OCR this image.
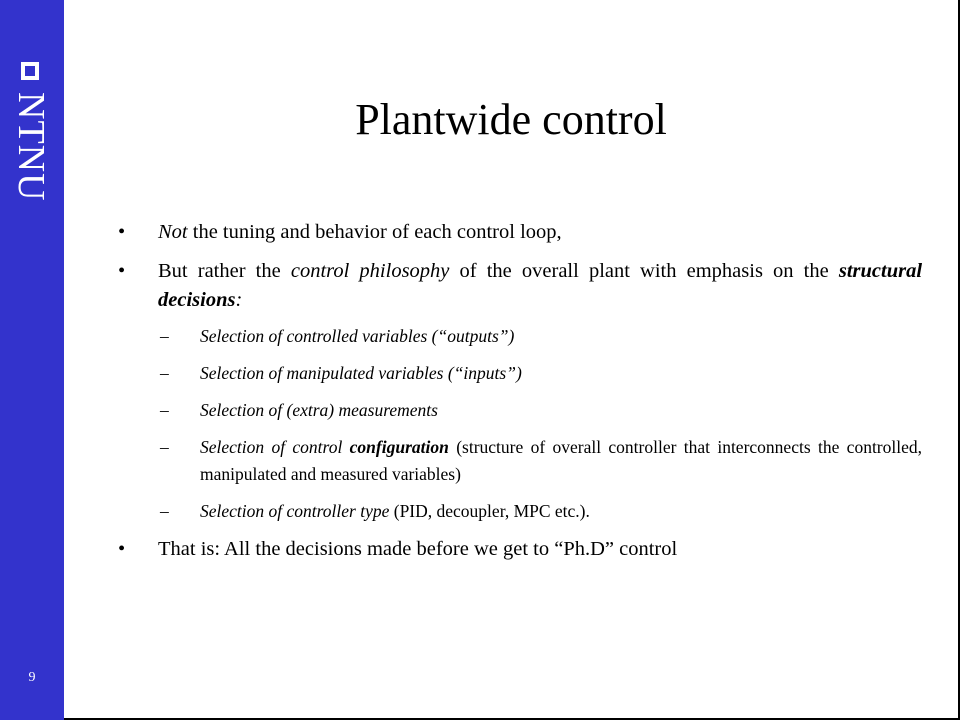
NTNU
9
Plantwide control
• Not the tuning and behavior of each control loop,
• But rather the control philosophy of the overall plant with emphasis on the structural decisions:
– Selection of controlled variables (“outputs”)
– Selection of manipulated variables (“inputs”)
– Selection of (extra) measurements
– Selection of control configuration (structure of overall controller that interconnects the controlled, manipulated and measured variables)
– Selection of controller type (PID, decoupler, MPC etc.).
• That is: All the decisions made before we get to “Ph.D” control
